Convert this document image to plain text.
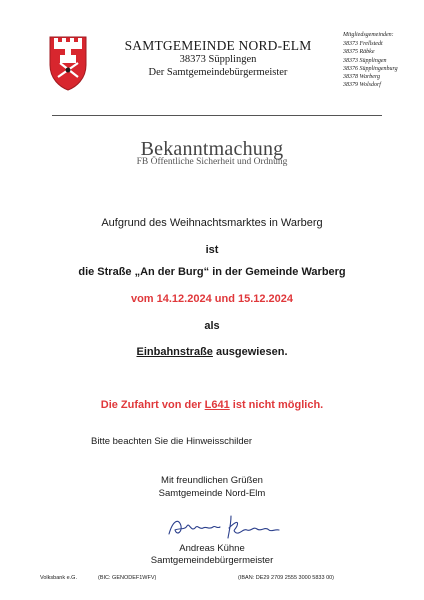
SAMTGEMEINDE NORD-ELM
38373 Süpplingen
Der Samtgemeindebürgermeister
Mitgliedsgemeinden:
38373 Frellstedt
38375 Räbke
38373 Süpplingen
38376 Süpplingenburg
38378 Warberg
38379 Wolsdorf
Bekanntmachung
FB Öffentliche Sicherheit und Ordnung
Aufgrund des Weihnachtsmarktes in Warberg
ist
die Straße „An der Burg“ in der Gemeinde Warberg
vom 14.12.2024 und 15.12.2024
als
Einbahnstraße ausgewiesen.
Die Zufahrt von der L641 ist nicht möglich.
Bitte beachten Sie die Hinweisschilder
Mit freundlichen Grüßen
Samtgemeinde Nord-Elm
Andreas Kühne
Samtgemeindebürgermeister
Volksbank e.G.	(BIC: GENODEF1WFV)	(IBAN: DE29 2709 2555 3000 5833 00)
